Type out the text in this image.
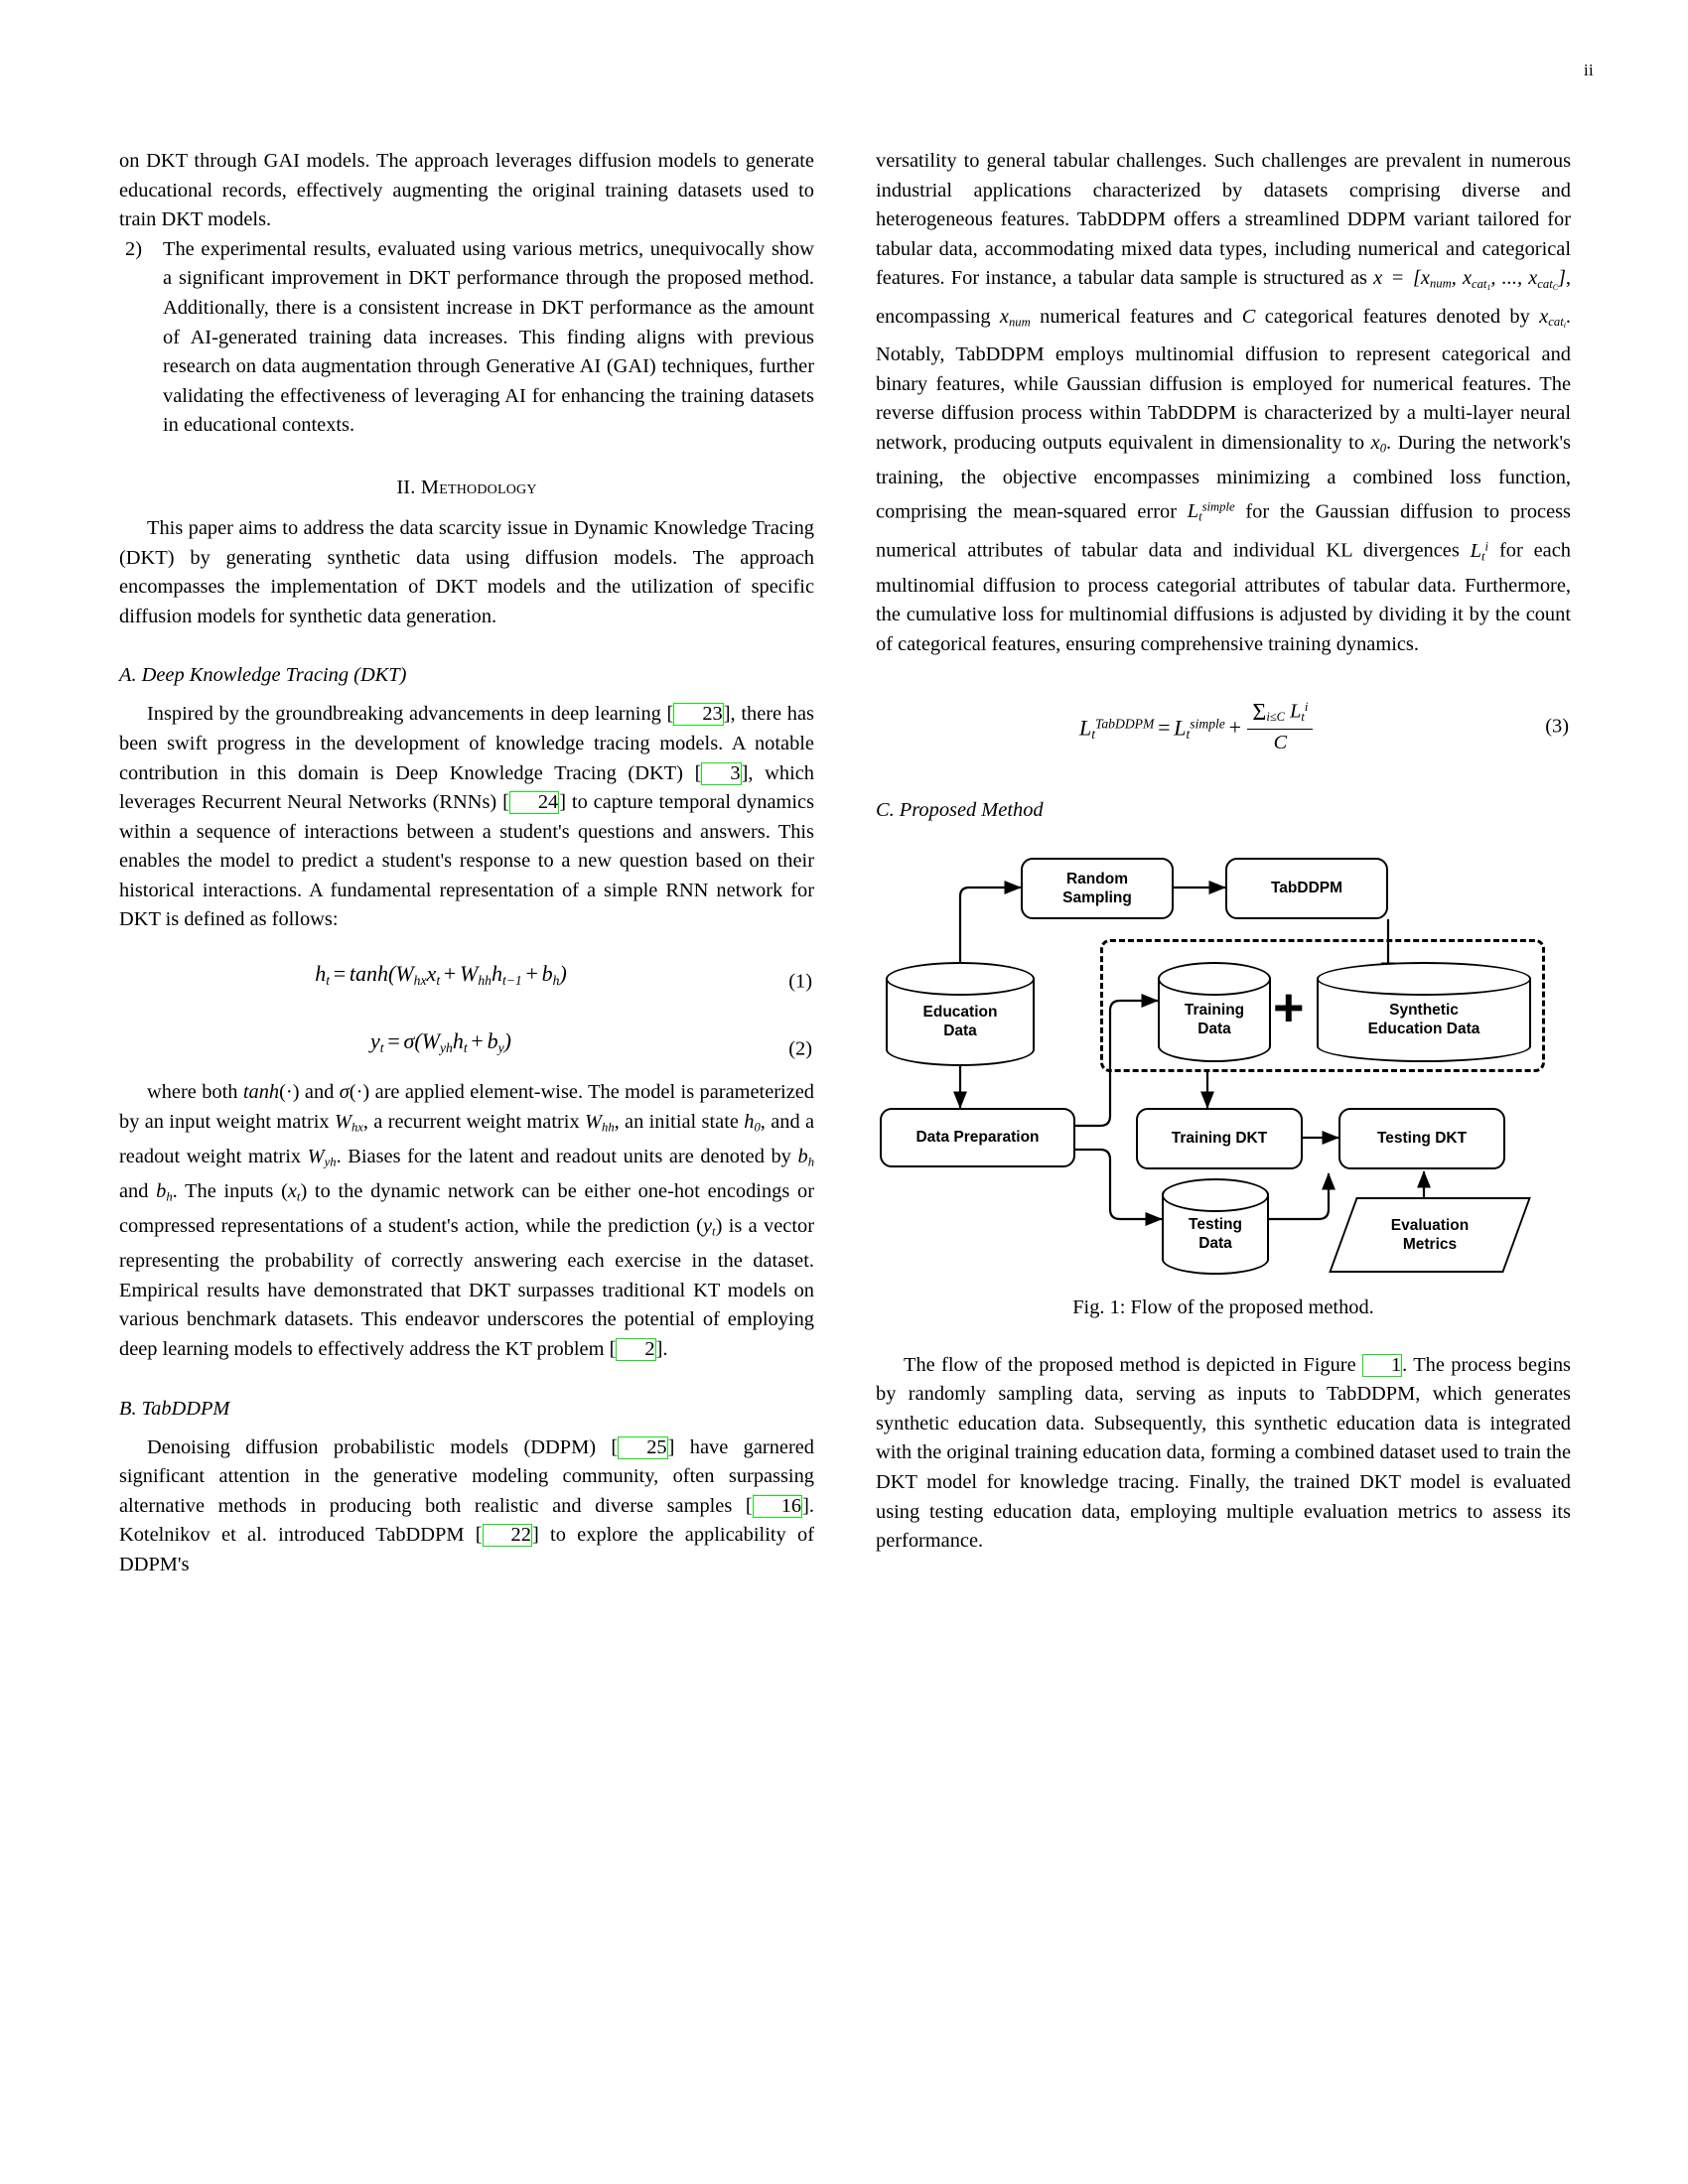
ii

on DKT through GAI models. The approach leverages diffusion models to generate educational records, effectively augmenting the original training datasets used to train DKT models.

2)	The experimental results, evaluated using various metrics, unequivocally show a significant improvement in DKT performance through the proposed method. Additionally, there is a consistent increase in DKT performance as the amount of AI-generated training data increases. This finding aligns with previous research on data augmentation through Generative AI (GAI) techniques, further validating the effectiveness of leveraging AI for enhancing the training datasets in educational contexts.
II. Methodology

This paper aims to address the data scarcity issue in Dynamic Knowledge Tracing (DKT) by generating synthetic data using diffusion models. The approach encompasses the implementation of DKT models and the utilization of specific diffusion models for synthetic data generation.

A. Deep Knowledge Tracing (DKT)

Inspired by the groundbreaking advancements in deep learning [ 23], there has been swift progress in the development of knowledge tracing models. A notable contribution in this domain is Deep Knowledge Tracing (DKT) [ 3], which leverages Recurrent Neural Networks (RNNs) [ 24] to capture temporal dynamics within a sequence of interactions between a student's questions and answers. This enables the model to predict a student's response to a new question based on their historical interactions. A fundamental representation of a simple RNN network for DKT is defined as follows:

$h_t = \tanh(W_{hx}x_t + W_{hh}h_{t-1} + b_h)$	(1)
$y_t = \sigma(W_{yh}h_t + b_y)$	(2)

where both tanh(·) and σ(·) are applied element-wise. The model is parameterized by an input weight matrix $W_{hx}$, a recurrent weight matrix $W_{hh}$, an initial state $h_0$, and a readout weight matrix $W_{yh}$. Biases for the latent and readout units are denoted by $b_h$ and $b_h$. The inputs $(x_t)$ to the dynamic network can be either one-hot encodings or compressed representations of a student's action, while the prediction $(y_t)$ is a vector representing the probability of correctly answering each exercise in the dataset. Empirical results have demonstrated that DKT surpasses traditional KT models on various benchmark datasets. This endeavor underscores the potential of employing deep learning models to effectively address the KT problem [ 2].

B. TabDDPM

Denoising diffusion probabilistic models (DDPM) [ 25] have garnered significant attention in the generative modeling community, often surpassing alternative methods in producing both realistic and diverse samples [ 16]. Kotelnikov et al. introduced TabDDPM [ 22] to explore the applicability of DDPM's

versatility to general tabular challenges. Such challenges are prevalent in numerous industrial applications characterized by datasets comprising diverse and heterogeneous features. TabDDPM offers a streamlined DDPM variant tailored for tabular data, accommodating mixed data types, including numerical and categorical features. For instance, a tabular data sample is structured as $x = [x_{num}$, $x_{cat_1}$, ..., $x_{cat_C}$], encompassing $x_{num}$ numerical features and C categorical features denoted by $x_{cat_i}$. Notably, TabDDPM employs multinomial diffusion to represent categorical and binary features, while Gaussian diffusion is employed for numerical features. The reverse diffusion process within TabDDPM is characterized by a multi-layer neural network, producing outputs equivalent in dimensionality to $x_0$. During the network's training, the objective encompasses minimizing a combined loss function, comprising the mean-squared error $L_t^{simple}$ for the Gaussian diffusion to process numerical attributes of tabular data and individual KL divergences $L_t^i$ for each multinomial diffusion to process categorial attributes of tabular data. Furthermore, the cumulative loss for multinomial diffusions is adjusted by dividing it by the count of categorical features, ensuring comprehensive training dynamics.

$L_t^{TabDDPM} = L_t^{simple} + \frac{\Sigma_{i\le C} L_t^i}{C}$	(3)
C. Proposed Method
Random
Sampling
TabDDPM
Education
Data
Training
Data +	Synthetic
Education Data
Data Preparation	Training DKT	Testing DKT
Testing
Data
Evaluation
Metrics
Fig. 1: Flow of the proposed method.

The flow of the proposed method is depicted in Figure 1. The process begins by randomly sampling data, serving as inputs to TabDDPM, which generates synthetic education data. Subsequently, this synthetic education data is integrated with the original training education data, forming a combined dataset used to train the DKT model for knowledge tracing. Finally, the trained DKT model is evaluated using testing education data, employing multiple evaluation metrics to assess its performance.
